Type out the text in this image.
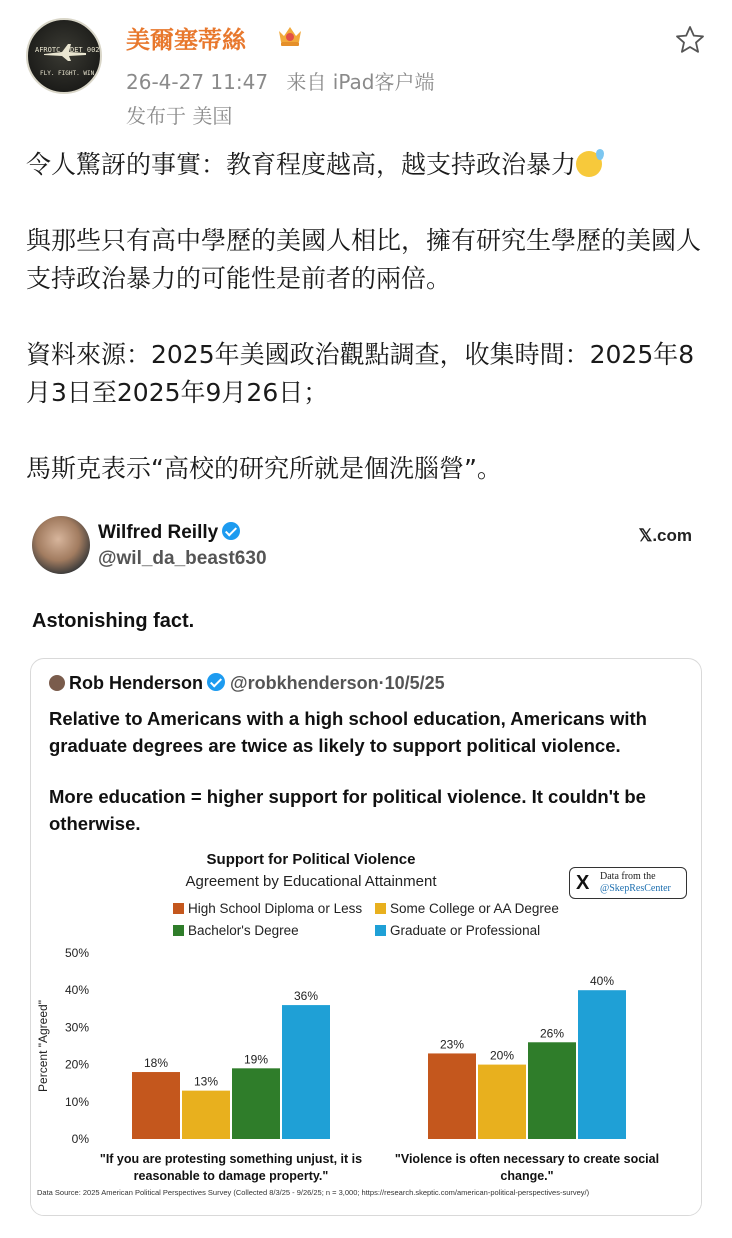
AFROTC DET 002
FLY. FIGHT. WIN.
美爾塞蒂絲
26-4-27 11:47 来自 iPad客户端
发布于 美国

令人驚訝的事實：教育程度越高，越支持政治暴力

與那些只有高中學歷的美國人相比，擁有研究生學歷的美國人支持政治暴力的可能性是前者的兩倍。

資料來源：2025年美國政治觀點調查，收集時間：2025年8月3日至2025年9月26日；

馬斯克表示“高校的研究所就是個洗腦營”。

Wilfred Reilly
@wil_da_beast630
𝕏.com
Astonishing fact.
Rob Henderson @robkhenderson·10/5/25

Relative to Americans with a high school education, Americans with graduate degrees are twice as likely to support political violence.

More education = higher support for political violence. It couldn't be otherwise.

Support for Political Violence
Agreement by Educational Attainment	X Data from the
@SkepResCenter
High School Diploma or Less	Some College or AA Degree
Bachelor's Degree	Graduate or Professional
0%
10%
20%
30%
40%
50%
Percent "Agreed"	18%
13%
19%
36%
"If you are protesting something unjust, it is
reasonable to damage property."
23%
20%
26%
40%
"Violence is often necessary to create social
change."
Data Source: 2025 American Political Perspectives Survey (Collected 8/3/25 - 9/26/25; n = 3,000; https://research.skeptic.com/american-political-perspectives-survey/)
